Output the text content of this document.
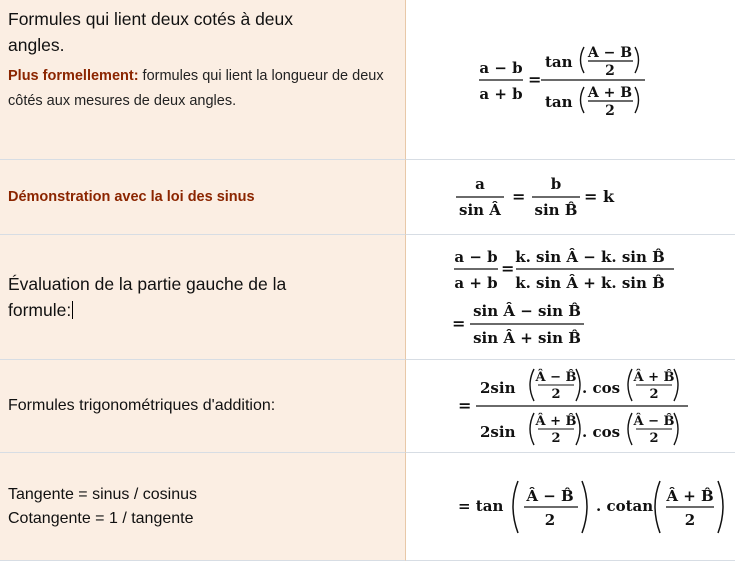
Formules qui lient deux cotés à deux angles.
Plus formellement: formules qui lient la longueur de deux côtés aux mesures de deux angles.
a − b
a + b
=
tan A − B
2
tan A + B
2
Démonstration avec la loi des sinus
a
sin Â
=
b
sin B̂
= k
Évaluation de la partie gauche de la formule:
a − b
a + b
=
k. sin Â − k. sin B̂
k. sin Â + k. sin B̂
=
sin Â − sin B̂
sin Â + sin B̂
Formules trigonométriques d'addition:	=
2sin
Â − B̂
2 . cos
Â + B̂
2
2sin
Â + B̂
2 . cos
Â − B̂
2
Tangente = sinus / cosinus
Cotangente = 1 / tangente
= tan
Â − B̂
2
. cotan
Â + B̂
2
